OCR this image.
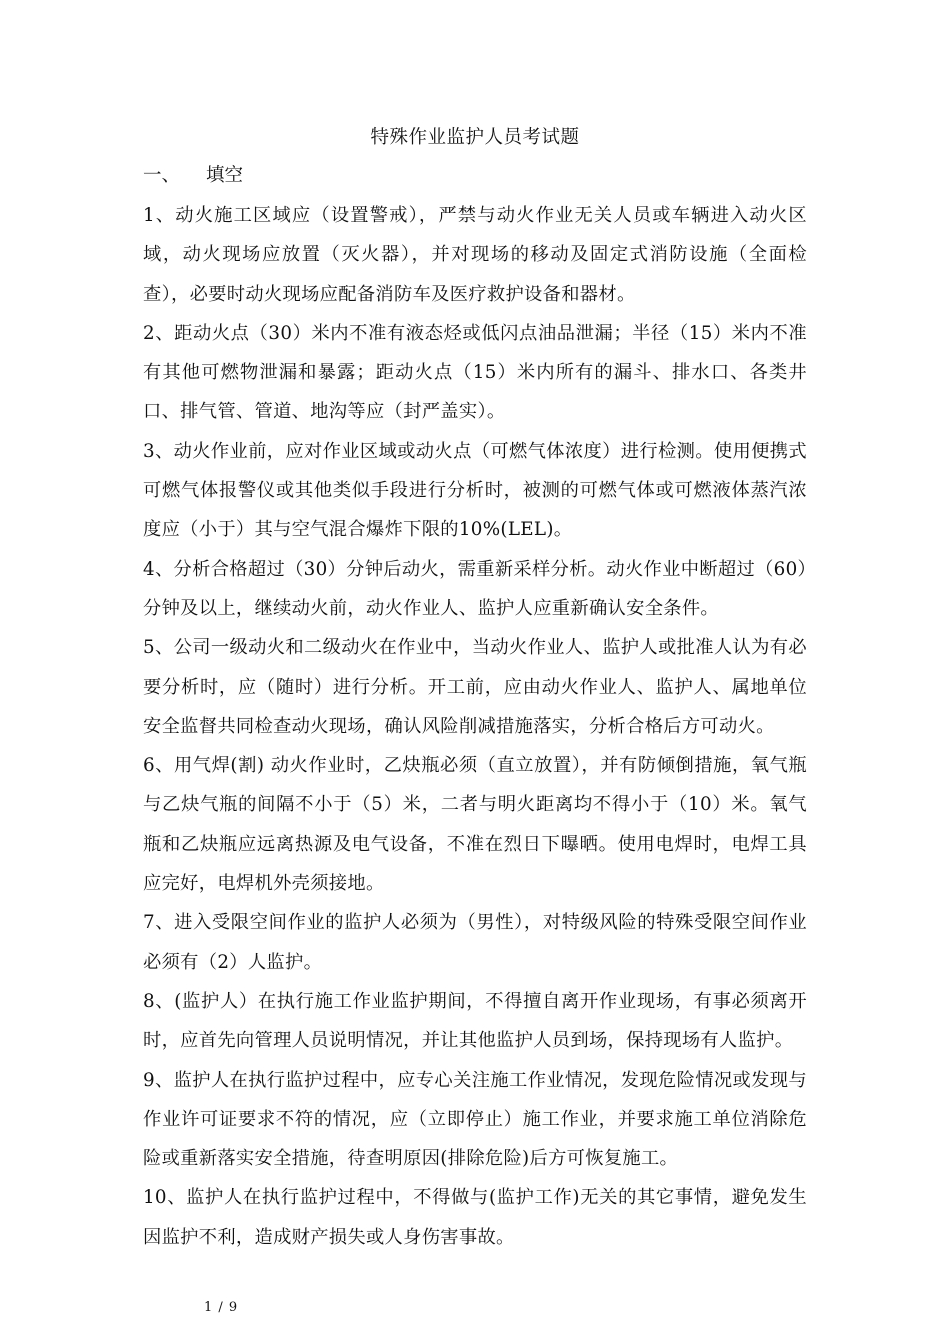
特殊作业监护人员考试题
一、 填空

1、动火施工区域应（设置警戒），严禁与动火作业无关人员或车辆进入动火区域，动火现场应放置（灭火器），并对现场的移动及固定式消防设施（全面检查），必要时动火现场应配备消防车及医疗救护设备和器材。

2、距动火点（30）米内不准有液态烃或低闪点油品泄漏；半径（15）米内不准有其他可燃物泄漏和暴露；距动火点（15）米内所有的漏斗、排水口、各类井口、排气管、管道、地沟等应（封严盖实）。

3、动火作业前，应对作业区域或动火点（可燃气体浓度）进行检测。使用便携式可燃气体报警仪或其他类似手段进行分析时，被测的可燃气体或可燃液体蒸汽浓度应（小于）其与空气混合爆炸下限的10%(LEL)。

4、分析合格超过（30）分钟后动火，需重新采样分析。动火作业中断超过（60）分钟及以上，继续动火前，动火作业人、监护人应重新确认安全条件。

5、公司一级动火和二级动火在作业中，当动火作业人、监护人或批准人认为有必要分析时，应（随时）进行分析。开工前，应由动火作业人、监护人、属地单位安全监督共同检查动火现场，确认风险削减措施落实，分析合格后方可动火。

6、用气焊(割) 动火作业时，乙炔瓶必须（直立放置），并有防倾倒措施，氧气瓶与乙炔气瓶的间隔不小于（5）米，二者与明火距离均不得小于（10）米。氧气瓶和乙炔瓶应远离热源及电气设备，不准在烈日下曝晒。使用电焊时，电焊工具应完好，电焊机外壳须接地。

7、进入受限空间作业的监护人必须为（男性），对特级风险的特殊受限空间作业必须有（2）人监护。

8、(监护人）在执行施工作业监护期间，不得擅自离开作业现场，有事必须离开时，应首先向管理人员说明情况，并让其他监护人员到场，保持现场有人监护。

9、监护人在执行监护过程中，应专心关注施工作业情况，发现危险情况或发现与作业许可证要求不符的情况，应（立即停止）施工作业，并要求施工单位消除危险或重新落实安全措施，待查明原因(排除危险)后方可恢复施工。

10、监护人在执行监护过程中，不得做与(监护工作)无关的其它事情，避免发生因监护不利，造成财产损失或人身伤害事故。

1 / 9
